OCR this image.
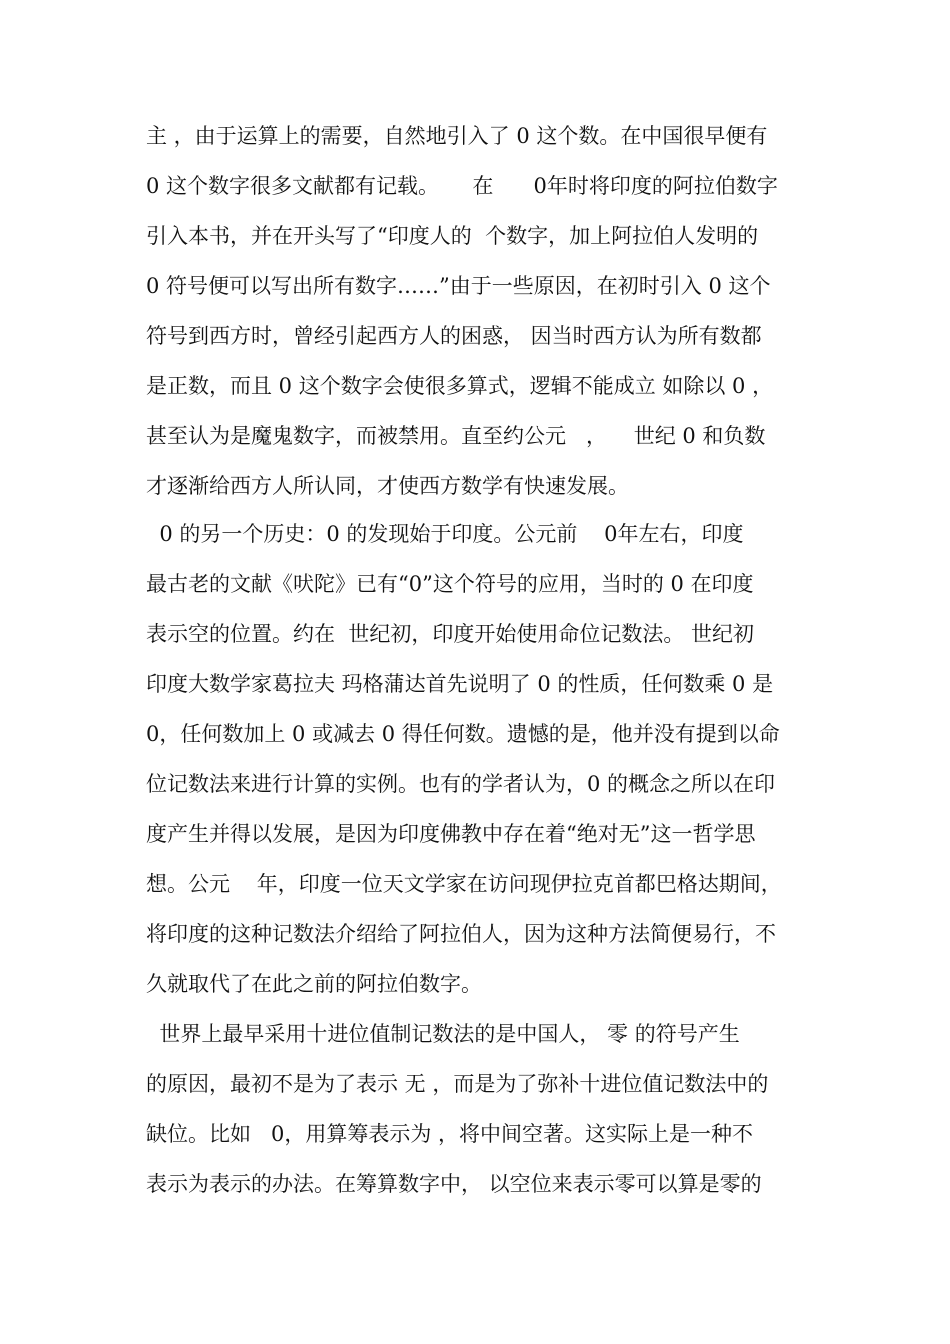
主 ，由于运算上的需要，自然地引入了 0 这个数。在中国很早便有
0 这个数字很多文献都有记载。     在      0年时将印度的阿拉伯数字
引入本书，并在开头写了“印度人的  个数字，加上阿拉伯人发明的
0 符号便可以写出所有数字……”由于一些原因，在初时引入 0 这个
符号到西方时，曾经引起西方人的困惑， 因当时西方认为所有数都
是正数，而且 0 这个数字会使很多算式，逻辑不能成立 如除以 0 ，
甚至认为是魔鬼数字，而被禁用。直至约公元   ，    世纪 0 和负数
才逐渐给西方人所认同，才使西方数学有快速发展。
0 的另一个历史：0 的发现始于印度。公元前    0年左右，印度
最古老的文献《吠陀》已有“0”这个符号的应用，当时的 0 在印度
表示空的位置。约在  世纪初，印度开始使用命位记数法。 世纪初
印度大数学家葛拉夫 玛格蒲达首先说明了 0 的性质，任何数乘 0 是
0，任何数加上 0 或减去 0 得任何数。遗憾的是，他并没有提到以命
位记数法来进行计算的实例。也有的学者认为，0 的概念之所以在印
度产生并得以发展，是因为印度佛教中存在着“绝对无”这一哲学思
想。公元    年，印度一位天文学家在访问现伊拉克首都巴格达期间，
将印度的这种记数法介绍给了阿拉伯人，因为这种方法简便易行，不
久就取代了在此之前的阿拉伯数字。
世界上最早采用十进位值制记数法的是中国人， 零 的符号产生
的原因，最初不是为了表示 无 ，而是为了弥补十进位值记数法中的
缺位。比如   0，用算筹表示为 ，将中间空著。这实际上是一种不
表示为表示的办法。在筹算数字中， 以空位来表示零可以算是零的
